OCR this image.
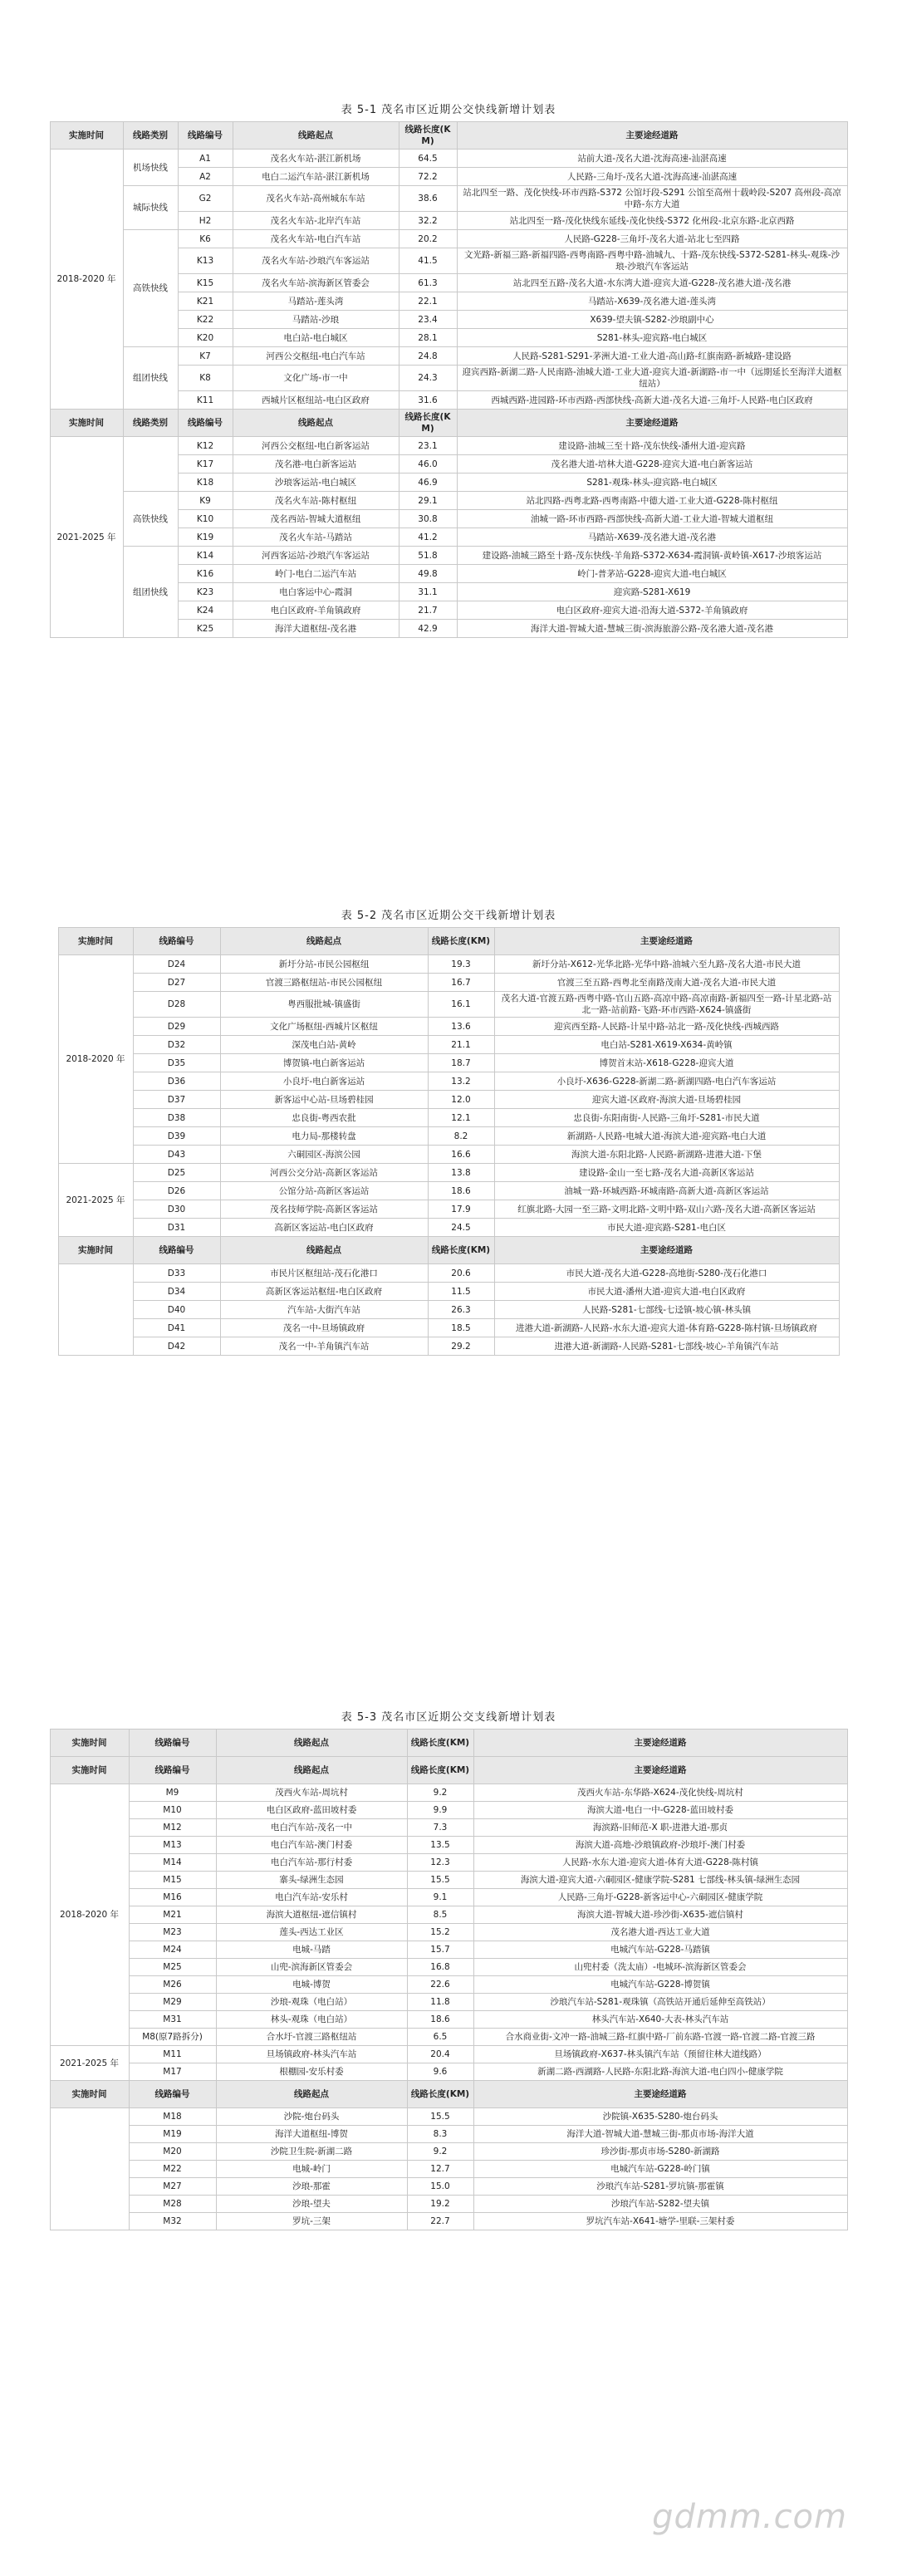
表 5-1 茂名市区近期公交快线新增计划表
实施时间	线路类别	线路编号	线路起点	线路长度(KM)	主要途经道路
2018-2020 年	机场快线	A1	茂名火车站-湛江新机场	64.5	站前大道-茂名大道-沈海高速-汕湛高速
		A2	电白二运汽车站-湛江新机场	72.2	人民路-三角圩-茂名大道-沈海高速-汕湛高速
	城际快线	G2	茂名火车站-高州城东车站	38.6	站北四至一路、茂化快线-环市西路-S372 公馆圩段-S291 公馆至高州十载岭段-S207 高州段-高凉中路-东方大道
		H2	茂名火车站-北岸汽车站	32.2	站北四至一路-茂化快线东延线-茂化快线-S372 化州段-北京东路-北京西路
	高铁快线	K6	茂名火车站-电白汽车站	20.2	人民路-G228-三角圩-茂名大道-站北七至四路
		K13	茂名火车站-沙琅汽车客运站	41.5	文光路-新福三路-新福四路-西粤南路-西粤中路-油城九、十路-茂东快线-S372-S281-林头-观珠-沙琅-沙琅汽车客运站
		K15	茂名火车站-滨海新区管委会	61.3	站北四至五路-茂名大道-水东湾大道-迎宾大道-G228-茂名港大道-茂名港
		K21	马踏站-莲头湾	22.1	马踏站-X639-茂名港大道-莲头湾
		K22	马踏站-沙琅	23.4	X639-望夫镇-S282-沙琅副中心
		K20	电白站-电白城区	28.1	S281-林头-迎宾路-电白城区
	组团快线	K7	河西公交枢纽-电白汽车站	24.8	人民路-S281-S291-茅洲大道-工业大道-高山路-红旗南路-新城路-建设路
		K8	文化广场-市一中	24.3	迎宾西路-新湖二路-人民南路-油城大道-工业大道-迎宾大道-新湖路-市一中（远期延长至海洋大道枢纽站）
		K11	西城片区枢纽站-电白区政府	31.6	西城西路-进园路-环市西路-西部快线-高新大道-茂名大道-三角圩-人民路-电白区政府
实施时间	线路类别	线路编号	线路起点	线路长度(KM)	主要途经道路
2021-2025 年		K12	河西公交枢纽-电白新客运站	23.1	建设路-油城三至十路-茂东快线-潘州大道-迎宾路
		K17	茂名港-电白新客运站	46.0	茂名港大道-培林大道-G228-迎宾大道-电白新客运站
		K18	沙琅客运站-电白城区	46.9	S281-观珠-林头-迎宾路-电白城区
	高铁快线	K9	茂名火车站-陈村枢纽	29.1	站北四路-西粤北路-西粤南路-中德大道-工业大道-G228-陈村枢纽
		K10	茂名西站-智城大道枢纽	30.8	油城一路-环市西路-西部快线-高新大道-工业大道-智城大道枢纽
		K19	茂名火车站-马踏站	41.2	马踏站-X639-茂名港大道-茂名港
	组团快线	K14	河西客运站-沙琅汽车客运站	51.8	建设路-油城三路至十路-茂东快线-羊角路-S372-X634-霞洞镇-黄岭镇-X617-沙琅客运站
		K16	岭门-电白二运汽车站	49.8	岭门-普茅站-G228-迎宾大道-电白城区
		K23	电白客运中心-霞洞	31.1	迎宾路-S281-X619
		K24	电白区政府-羊角镇政府	21.7	电白区政府-迎宾大道-沿海大道-S372-羊角镇政府
		K25	海洋大道枢纽-茂名港	42.9	海洋大道-智城大道-慧城三街-滨海旅游公路-茂名港大道-茂名港
表 5-2 茂名市区近期公交干线新增计划表
实施时间	线路编号	线路起点	线路长度(KM)	主要途经道路
2018-2020 年	D24	新圩分站-市民公园枢纽	19.3	新圩分站-X612-光华北路-光华中路-油城六至九路-茂名大道-市民大道
	D27	官渡三路枢纽站-市民公园枢纽	16.7	官渡三至五路-西粤北至南路茂南大道-茂名大道-市民大道
	D28	粤西服批城-镇盛街	16.1	茂名大道-官渡五路-西粤中路-官山五路-高凉中路-高凉南路-新福四至一路-计星北路-站北一路-站前路-飞路-环市西路-X624-镇盛街
	D29	文化广场枢纽-西城片区枢纽	13.6	迎宾西至路-人民路-计星中路-站北一路-茂化快线-西城西路
	D32	深茂电白站-黄岭	21.1	电白站-S281-X619-X634-黄岭镇
	D35	博贺镇-电白新客运站	18.7	博贺首末站-X618-G228-迎宾大道
	D36	小良圩-电白新客运站	13.2	小良圩-X636-G228-新湖二路-新湖四路-电白汽车客运站
	D37	新客运中心站-旦场碧桂园	12.0	迎宾大道-区政府-海滨大道-旦场碧桂园
	D38	忠良街-粤西农批	12.1	忠良街-东阳南街-人民路-三角圩-S281-市民大道
	D39	电力局-那楼转盘	8.2	新湖路-人民路-电城大道-海滨大道-迎宾路-电白大道
	D43	六硐园区-海滨公园	16.6	海滨大道-东阳北路-人民路-新湖路-进港大道-下堡
2021-2025 年	D25	河西公交分站-高新区客运站	13.8	建设路-金山一至七路-茂名大道-高新区客运站
	D26	公馆分站-高新区客运站	18.6	油城一路-环城西路-环城南路-高新大道-高新区客运站
	D30	茂名技师学院-高新区客运站	17.9	红旗北路-大园一至三路-文明北路-文明中路-双山六路-茂名大道-高新区客运站
	D31	高新区客运站-电白区政府	24.5	市民大道-迎宾路-S281-电白区
实施时间	线路编号	线路起点	线路长度(KM)	主要途经道路
	D33	市民片区枢纽站-茂石化港口	20.6	市民大道-茂名大道-G228-高地街-S280-茂石化港口
	D34	高新区客运站枢纽-电白区政府	11.5	市民大道-潘州大道-迎宾大道-电白区政府
	D40	汽车站-大街汽车站	26.3	人民路-S281-七部线-七迳镇-坡心镇-林头镇
	D41	茂名一中-旦场镇政府	18.5	进港大道-新湖路-人民路-水东大道-迎宾大道-体育路-G228-陈村镇-旦场镇政府
	D42	茂名一中-羊角镇汽车站	29.2	进港大道-新湖路-人民路-S281-七部线-坡心-羊角镇汽车站
表 5-3 茂名市区近期公交支线新增计划表
实施时间	线路编号	线路起点	线路长度(KM)	主要途经道路
实施时间	线路编号	线路起点	线路长度(KM)	主要途经道路
2018-2020 年	M9	茂西火车站-周坑村	9.2	茂西火车站-东华路-X624-茂化快线-周坑村
	M10	电白区政府-蓝田坡村委	9.9	海滨大道-电白一中-G228-蓝田坡村委
	M12	电白汽车站-茂名一中	7.3	海滨路-旧师范-X 职-进港大道-那贞
	M13	电白汽车站-澳门村委	13.5	海滨大道-高地-沙琅镇政府-沙琅圩-澳门村委
	M14	电白汽车站-那行村委	12.3	人民路-水东大道-迎宾大道-体育大道-G228-陈村镇
	M15	寨头-绿洲生态园	15.5	海滨大道-迎宾大道-六硐园区-健康学院-S281 七部线-林头镇-绿洲生态园
	M16	电白汽车站-安乐村	9.1	人民路-三角圩-G228-新客运中心-六硐园区-健康学院
	M21	海滨大道枢纽-遮信镇村	8.5	海滨大道-智城大道-珍沙街-X635-遮信镇村
	M23	莲头-西达工业区	15.2	茂名港大道-西达工业大道
	M24	电城-马踏	15.7	电城汽车站-G228-马踏镇
	M25	山兜-滨海新区管委会	16.8	山兜村委（洗太庙）-电城环-滨海新区管委会
	M26	电城-博贺	22.6	电城汽车站-G228-博贺镇
	M29	沙琅-观珠（电白站）	11.8	沙琅汽车站-S281-观珠镇（高铁站开通后延伸至高铁站）
	M31	林头-观珠（电白站）	18.6	林头汽车站-X640-大表-林头汽车站
	M8(原7路拆分)	合水圩-官渡三路枢纽站	6.5	合水商业街-文冲一路-油城三路-红旗中路-厂前东路-官渡一路-官渡二路-官渡三路
2021-2025 年	M11	旦场镇政府-林头汽车站	20.4	旦场镇政府-X637-林头镇汽车站（预留往林大道线路）
	M17	根棚园-安乐村委	9.6	新湖二路-西湖路-人民路-东阳北路-海滨大道-电白四小-健康学院
实施时间	线路编号	线路起点	线路长度(KM)	主要途经道路
	M18	沙院-炮台码头	15.5	沙院镇-X635-S280-炮台码头
	M19	海洋大道枢纽-博贺	8.3	海洋大道-智城大道-慧城三街-那贞市场-海洋大道
	M20	沙院卫生院-新湖二路	9.2	珍沙街-那贞市场-S280-新湖路
	M22	电城-岭门	12.7	电城汽车站-G228-岭门镇
	M27	沙琅-那霍	15.0	沙琅汽车站-S281-罗坑镇-那霍镇
	M28	沙琅-望夫	19.2	沙琅汽车站-S282-望夫镇
	M32	罗坑-三架	22.7	罗坑汽车站-X641-塘学-里联-三架村委
gdmm.com
